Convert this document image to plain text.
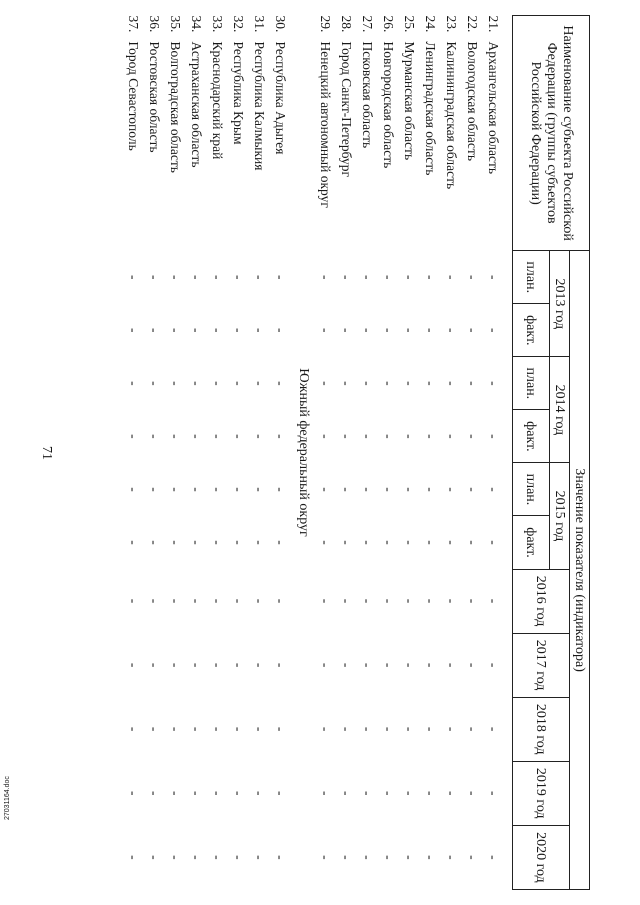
71
Наименование субъекта Российской Федерации (группы субъектов Российской Федерации)	Значение показателя (индикатора)										
	2013 год		2014 год		2015 год		2016 год	2017 год	2018 год	2019 год	2020 год
	план.	факт.	план.	факт.	план.	факт.					

21.Архангельская область	-	-	-	-	-	-	-	-	-	-	-
22.Вологодская область	-	-	-	-	-	-	-	-	-	-	-
23.Калининградская область	-	-	-	-	-	-	-	-	-	-	-
24.Ленинградская область	-	-	-	-	-	-	-	-	-	-	-
25.Мурманская область	-	-	-	-	-	-	-	-	-	-	-
26.Новгородская область	-	-	-	-	-	-	-	-	-	-	-
27.Псковская область	-	-	-	-	-	-	-	-	-	-	-
28.Город Санкт-Петербург	-	-	-	-	-	-	-	-	-	-	-
29.Ненецкий автономный округ	-	-	-	-	-	-	-	-	-	-	-
Южный федеральный округ											
30.Республика Адыгея	-	-	-	-	-	-	-	-	-	-	-
31.Республика Калмыкия	-	-	-	-	-	-	-	-	-	-	-
32.Республика Крым	-	-	-	-	-	-	-	-	-	-	-
33.Краснодарский край	-	-	-	-	-	-	-	-	-	-	-
34.Астраханская область	-	-	-	-	-	-	-	-	-	-	-
35.Волгоградская область	-	-	-	-	-	-	-	-	-	-	-
36.Ростовская область	-	-	-	-	-	-	-	-	-	-	-
37.Город Севастополь	-	-	-	-	-	-	-	-	-	-	-
27031164.doc
